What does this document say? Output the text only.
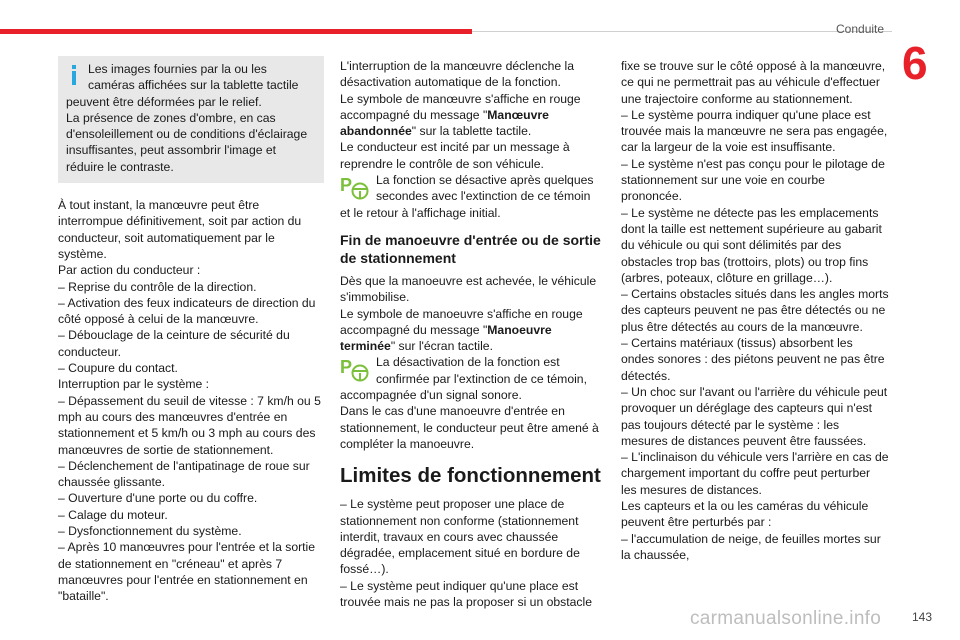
Conduite
6

Les images fournies par la ou les caméras affichées sur la tablette tactile peuvent être déformées par le relief.
La présence de zones d'ombre, en cas d'ensoleillement ou de conditions d'éclairage insuffisantes, peut assombrir l'image et réduire le contraste.

À tout instant, la manœuvre peut être interrompue définitivement, soit par action du conducteur, soit automatiquement par le système.

Par action du conducteur :

– Reprise du contrôle de la direction.

– Activation des feux indicateurs de direction du côté opposé à celui de la manœuvre.

– Débouclage de la ceinture de sécurité du conducteur.

– Coupure du contact.

Interruption par le système :

– Dépassement du seuil de vitesse : 7 km/h ou 5 mph au cours des manœuvres d'entrée en stationnement et 5 km/h ou 3 mph au cours des manœuvres de sortie de stationnement.

– Déclenchement de l'antipatinage de roue sur chaussée glissante.

– Ouverture d'une porte ou du coffre.

– Calage du moteur.

– Dysfonctionnement du système.

– Après 10 manœuvres pour l'entrée et la sortie de stationnement en "créneau" et après 7 manœuvres pour l'entrée en stationnement en "bataille".

L'interruption de la manœuvre déclenche la désactivation automatique de la fonction.

Le symbole de manœuvre s'affiche en rouge accompagné du message "Manœuvre abandonnée" sur la tablette tactile.

Le conducteur est incité par un message à reprendre le contrôle de son véhicule.

P	La fonction se désactive après quelques secondes avec l'extinction de ce témoin et le retour à l'affichage initial.

Fin de manoeuvre d'entrée ou de sortie de stationnement

Dès que la manoeuvre est achevée, le véhicule s'immobilise.

Le symbole de manoeuvre s'affiche en rouge accompagné du message "Manoeuvre terminée" sur l'écran tactile.

P	La désactivation de la fonction est confirmée par l'extinction de ce témoin, accompagnée d'un signal sonore.

Dans le cas d'une manoeuvre d'entrée en stationnement, le conducteur peut être amené à compléter la manoeuvre.

Limites de fonctionnement

– Le système peut proposer une place de stationnement non conforme (stationnement interdit, travaux en cours avec chaussée dégradée, emplacement situé en bordure de fossé…).

– Le système peut indiquer qu'une place est trouvée mais ne pas la proposer si un obstacle

fixe se trouve sur le côté opposé à la manœuvre, ce qui ne permettrait pas au véhicule d'effectuer une trajectoire conforme au stationnement.

– Le système pourra indiquer qu'une place est trouvée mais la manœuvre ne sera pas engagée, car la largeur de la voie est insuffisante.

– Le système n'est pas conçu pour le pilotage de stationnement sur une voie en courbe prononcée.

– Le système ne détecte pas les emplacements dont la taille est nettement supérieure au gabarit du véhicule ou qui sont délimités par des obstacles trop bas (trottoirs, plots) ou trop fins (arbres, poteaux, clôture en grillage…).

– Certains obstacles situés dans les angles morts des capteurs peuvent ne pas être détectés ou ne plus être détectés au cours de la manœuvre.

– Certains matériaux (tissus) absorbent les ondes sonores : des piétons peuvent ne pas être détectés.

– Un choc sur l'avant ou l'arrière du véhicule peut provoquer un déréglage des capteurs qui n'est pas toujours détecté par le système : les mesures de distances peuvent être faussées.

– L'inclinaison du véhicule vers l'arrière en cas de chargement important du coffre peut perturber les mesures de distances.

Les capteurs et la ou les caméras du véhicule peuvent être perturbés par :

– l'accumulation de neige, de feuilles mortes sur la chaussée,

carmanualsonline.info	143
